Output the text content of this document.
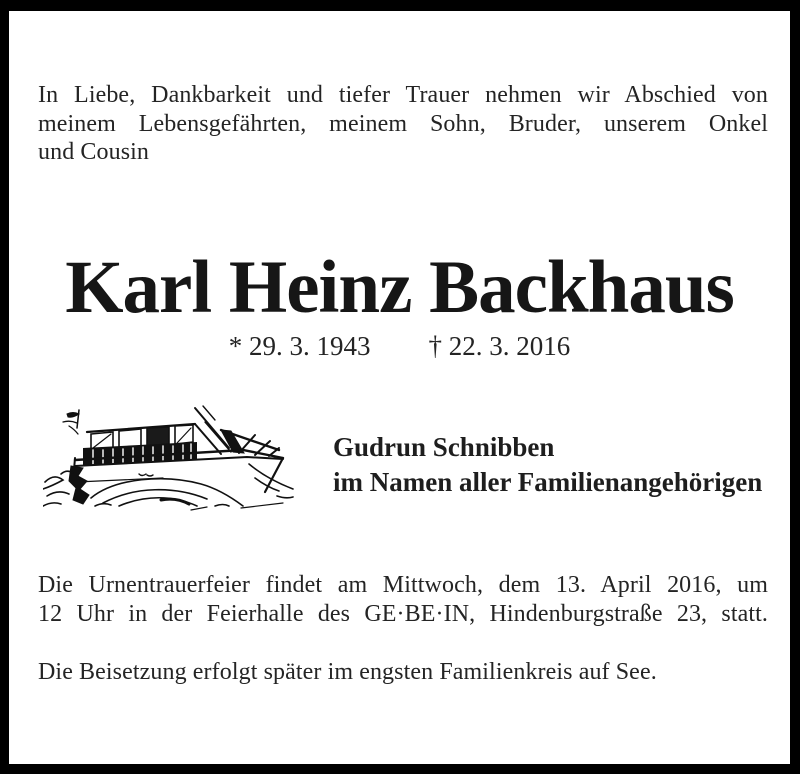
In Liebe, Dankbarkeit und tiefer Trauer nehmen wir Abschied von
meinem Lebensgefährten, meinem Sohn, Bruder, unserem Onkel
und Cousin
Karl Heinz Backhaus
* 29. 3. 1943 † 22. 3. 2016
Gudrun Schnibben
im Namen aller Familienangehörigen
Die Urnentrauerfeier findet am Mittwoch, dem 13. April 2016, um
12 Uhr in der Feierhalle des GE·BE·IN, Hindenburgstraße 23, statt.
Die Beisetzung erfolgt später im engsten Familienkreis auf See.
